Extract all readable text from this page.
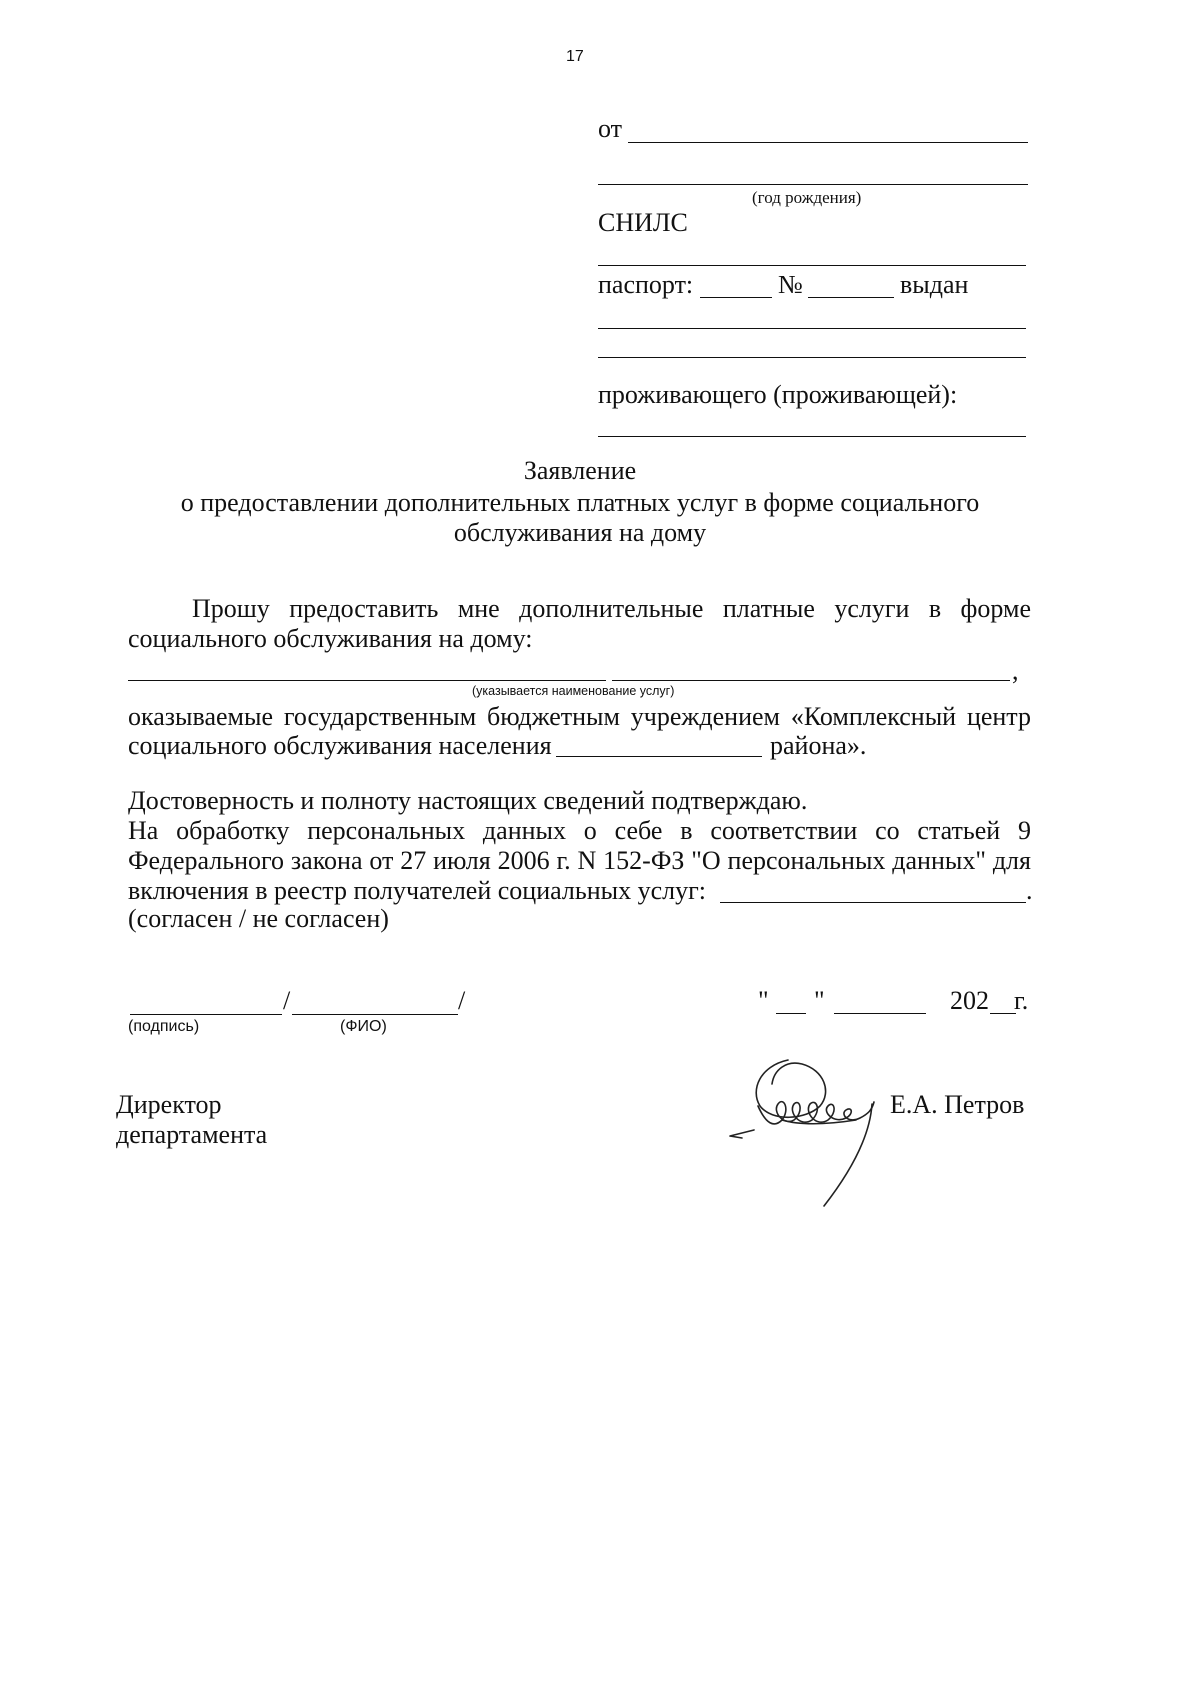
17
от
(год рождения)
СНИЛС
паспорт:	№	выдан
проживающего (проживающей):
Заявление
о предоставлении дополнительных платных услуг в форме социального
обслуживания на дому
Прошу предоставить мне дополнительные платные услуги в форме
социального обслуживания на дому:
,
(указывается наименование услуг)
оказываемые государственным бюджетным учреждением «Комплексный центр
социального обслуживания населения	района».
Достоверность и полноту настоящих сведений подтверждаю.
На обработку персональных данных о себе в соответствии со статьей 9
Федерального закона от 27 июля 2006 г. N 152-ФЗ "О персональных данных" для
включения в реестр получателей социальных услуг:	.
(согласен / не согласен)
/	/
(подпись)	(ФИО)
" "	202 г.
Директор
департамента
Е.А. Петров
